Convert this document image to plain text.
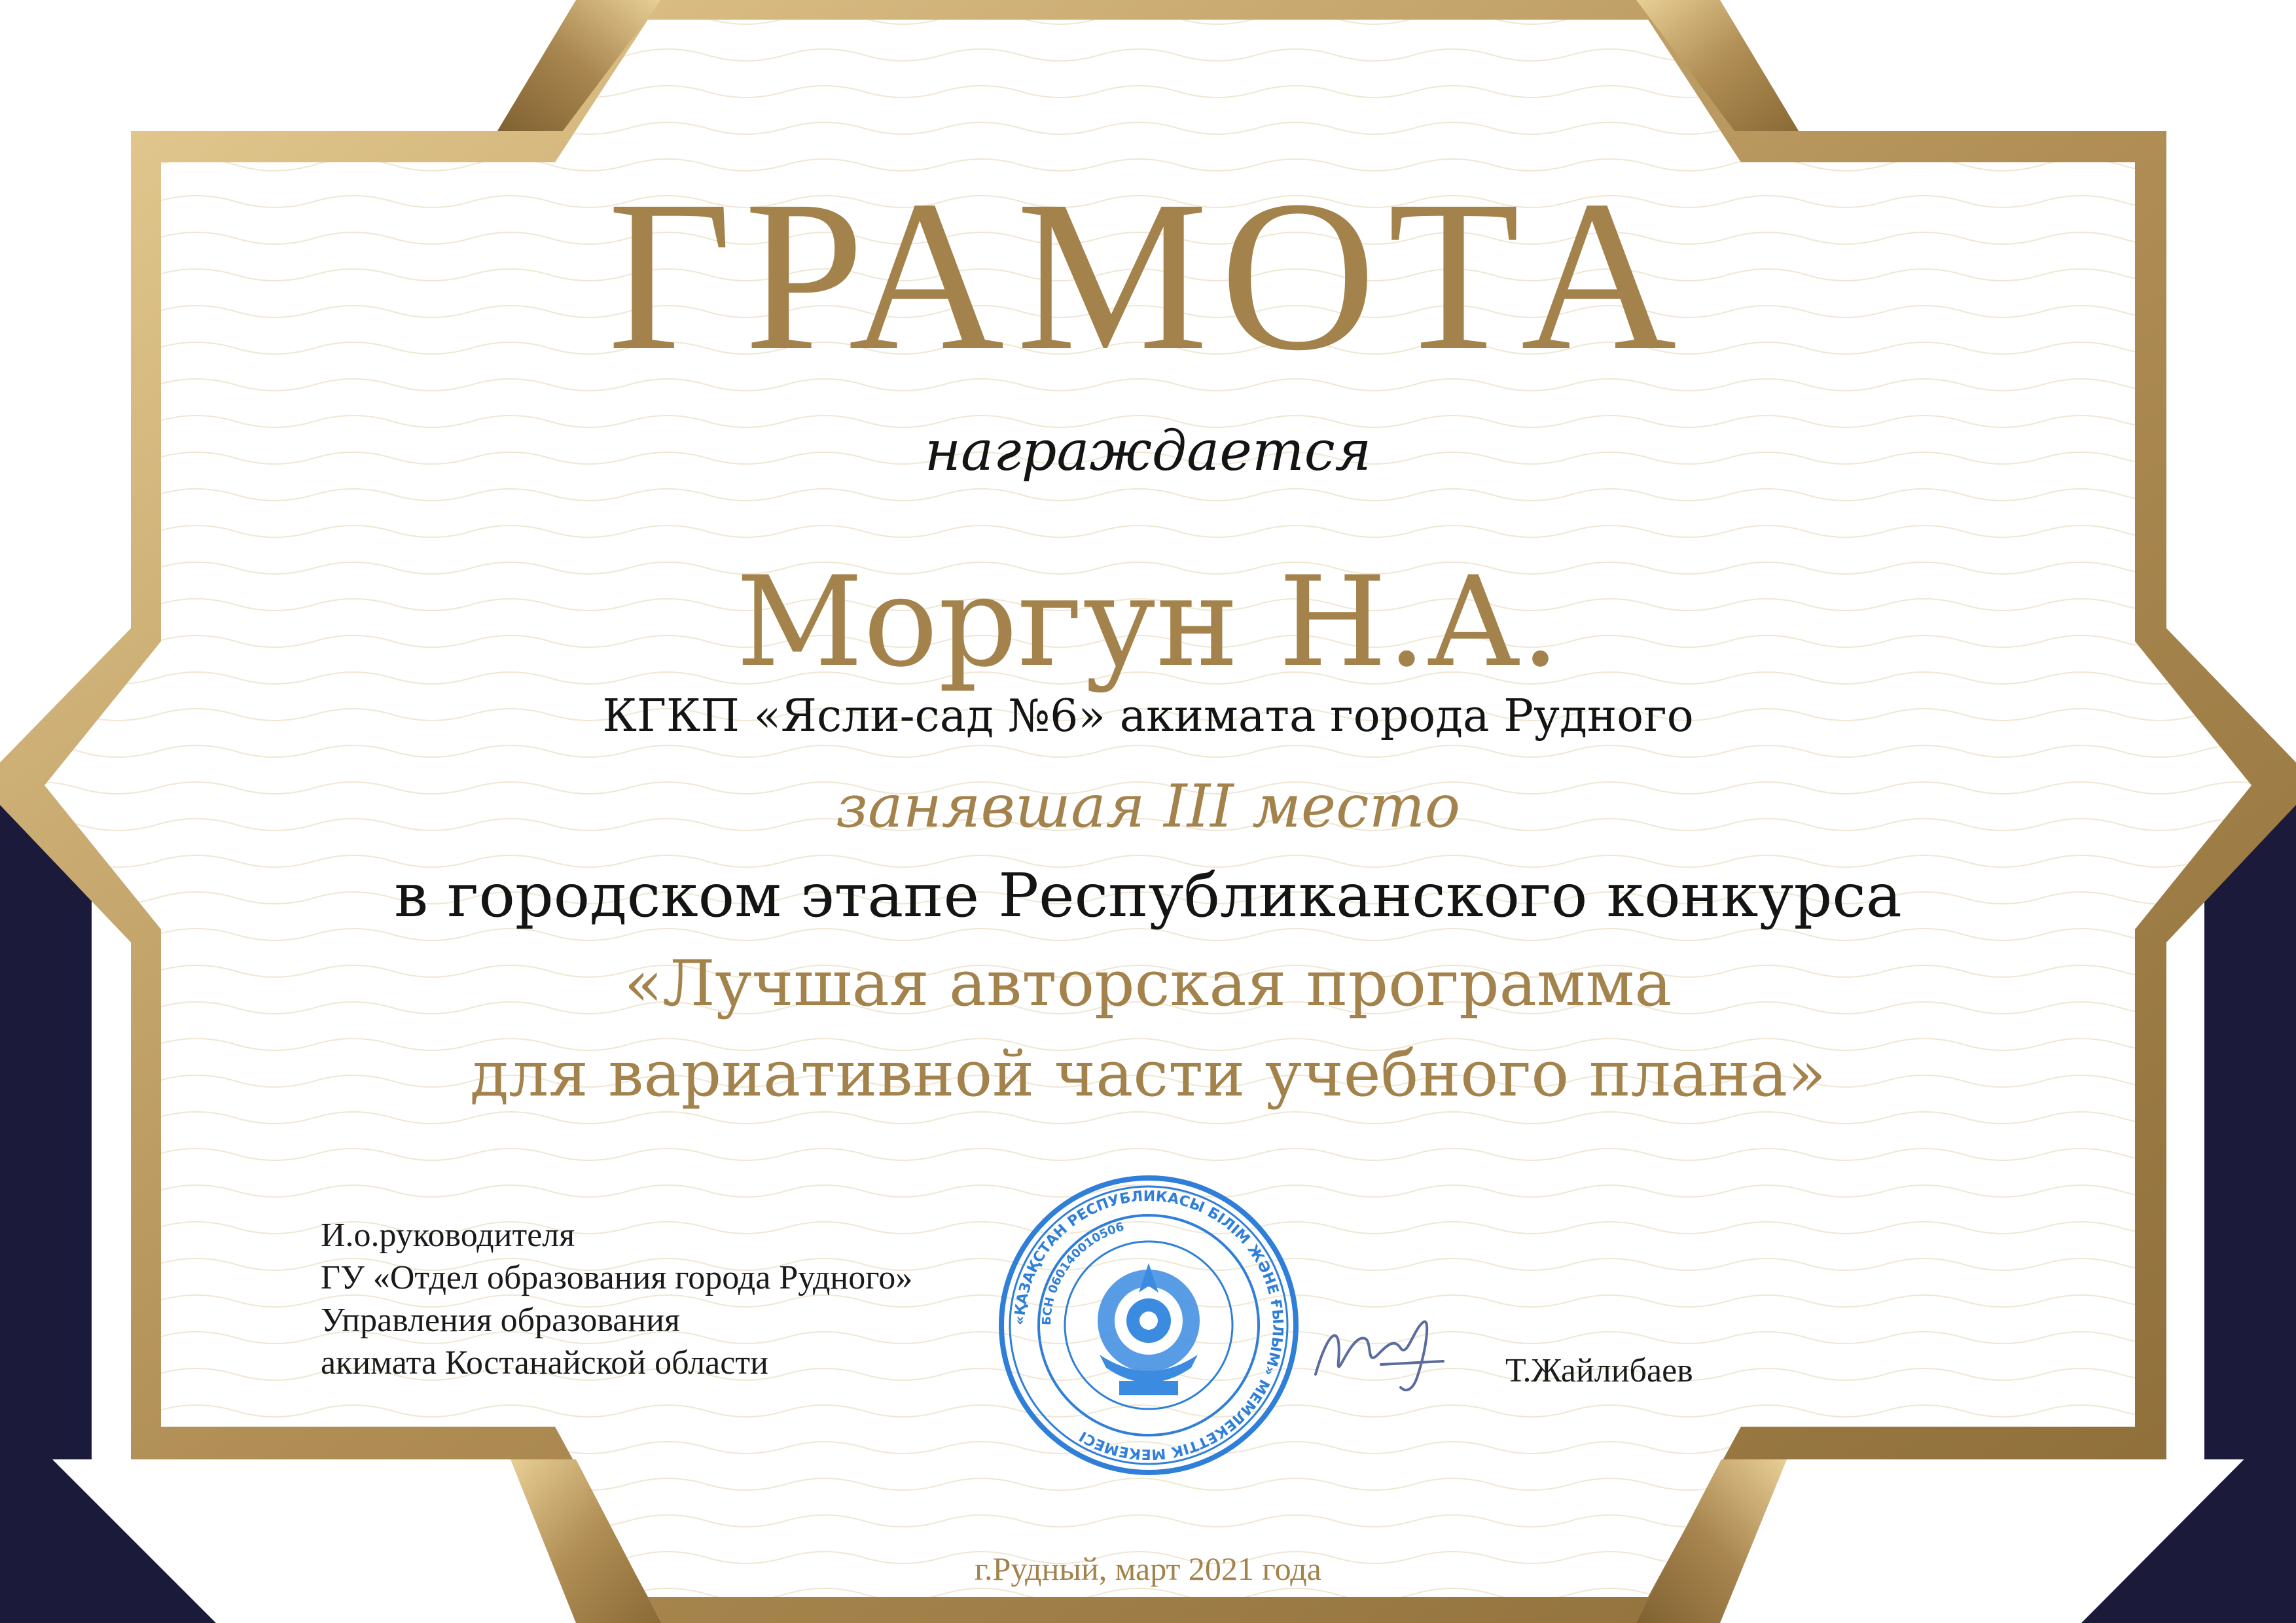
ГРАМОТА
награждается
Моргун Н.А.
КГКП «Ясли-сад №6» акимата города Рудного
занявшая III место
в городском этапе Республиканского конкурса
«Лучшая авторская программа
для вариативной части учебного плана»
И.о.руководителя
ГУ «Отдел образования города Рудного»
Управления образования
акимата Костанайской области
«ҚАЗАҚСТАН РЕСПУБЛИКАСЫ БІЛІМ ЖӘНЕ ҒЫЛЫМ» МЕМЛЕКЕТТІК МЕКЕМЕСІ
БСН 060140010506
Т.Жайлибаев
г.Рудный, март 2021 года
